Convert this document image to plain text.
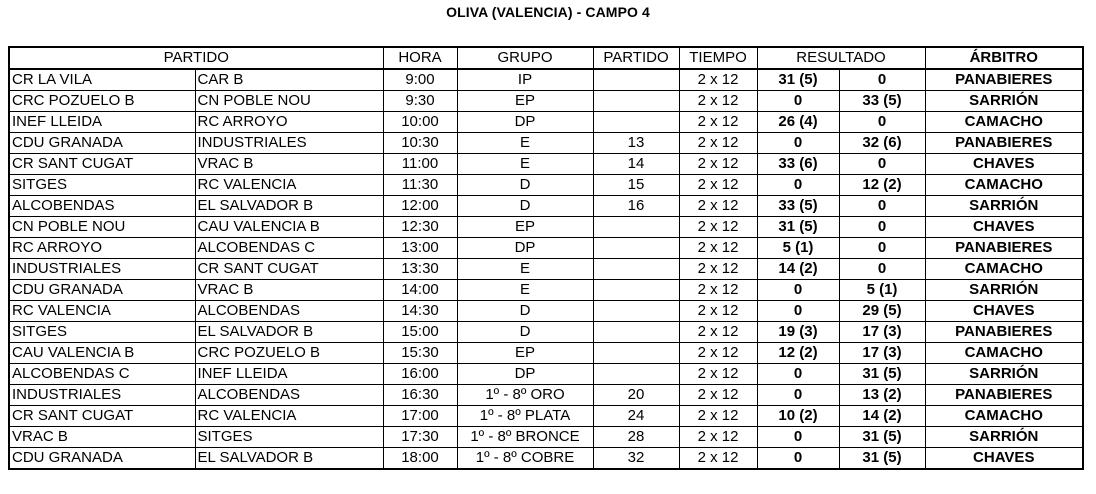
OLIVA (VALENCIA) - CAMPO 4
PARTIDO		HORA	GRUPO	PARTIDO	TIEMPO	RESULTADO		ÁRBITRO
CR LA VILA	CAR B	9:00	IP		2 x 12	31 (5)	0	PANABIERES
CRC POZUELO B	CN POBLE NOU	9:30	EP		2 x 12	0	33 (5)	SARRIÓN
INEF LLEIDA	RC ARROYO	10:00	DP		2 x 12	26 (4)	0	CAMACHO
CDU GRANADA	INDUSTRIALES	10:30	E	13	2 x 12	0	32 (6)	PANABIERES
CR SANT CUGAT	VRAC B	11:00	E	14	2 x 12	33 (6)	0	CHAVES
SITGES	RC VALENCIA	11:30	D	15	2 x 12	0	12 (2)	CAMACHO
ALCOBENDAS	EL SALVADOR B	12:00	D	16	2 x 12	33 (5)	0	SARRIÓN
CN POBLE NOU	CAU VALENCIA B	12:30	EP		2 x 12	31 (5)	0	CHAVES
RC ARROYO	ALCOBENDAS C	13:00	DP		2 x 12	5 (1)	0	PANABIERES
INDUSTRIALES	CR SANT CUGAT	13:30	E		2 x 12	14 (2)	0	CAMACHO
CDU GRANADA	VRAC B	14:00	E		2 x 12	0	5 (1)	SARRIÓN
RC VALENCIA	ALCOBENDAS	14:30	D		2 x 12	0	29 (5)	CHAVES
SITGES	EL SALVADOR B	15:00	D		2 x 12	19 (3)	17 (3)	PANABIERES
CAU VALENCIA B	CRC POZUELO B	15:30	EP		2 x 12	12 (2)	17 (3)	CAMACHO
ALCOBENDAS C	INEF LLEIDA	16:00	DP		2 x 12	0	31 (5)	SARRIÓN
INDUSTRIALES	ALCOBENDAS	16:30	1º - 8º ORO	20	2 x 12	0	13 (2)	PANABIERES
CR SANT CUGAT	RC VALENCIA	17:00	1º - 8º PLATA	24	2 x 12	10 (2)	14 (2)	CAMACHO
VRAC B	SITGES	17:30	1º - 8º BRONCE	28	2 x 12	0	31 (5)	SARRIÓN
CDU GRANADA	EL SALVADOR B	18:00	1º - 8º COBRE	32	2 x 12	0	31 (5)	CHAVES
